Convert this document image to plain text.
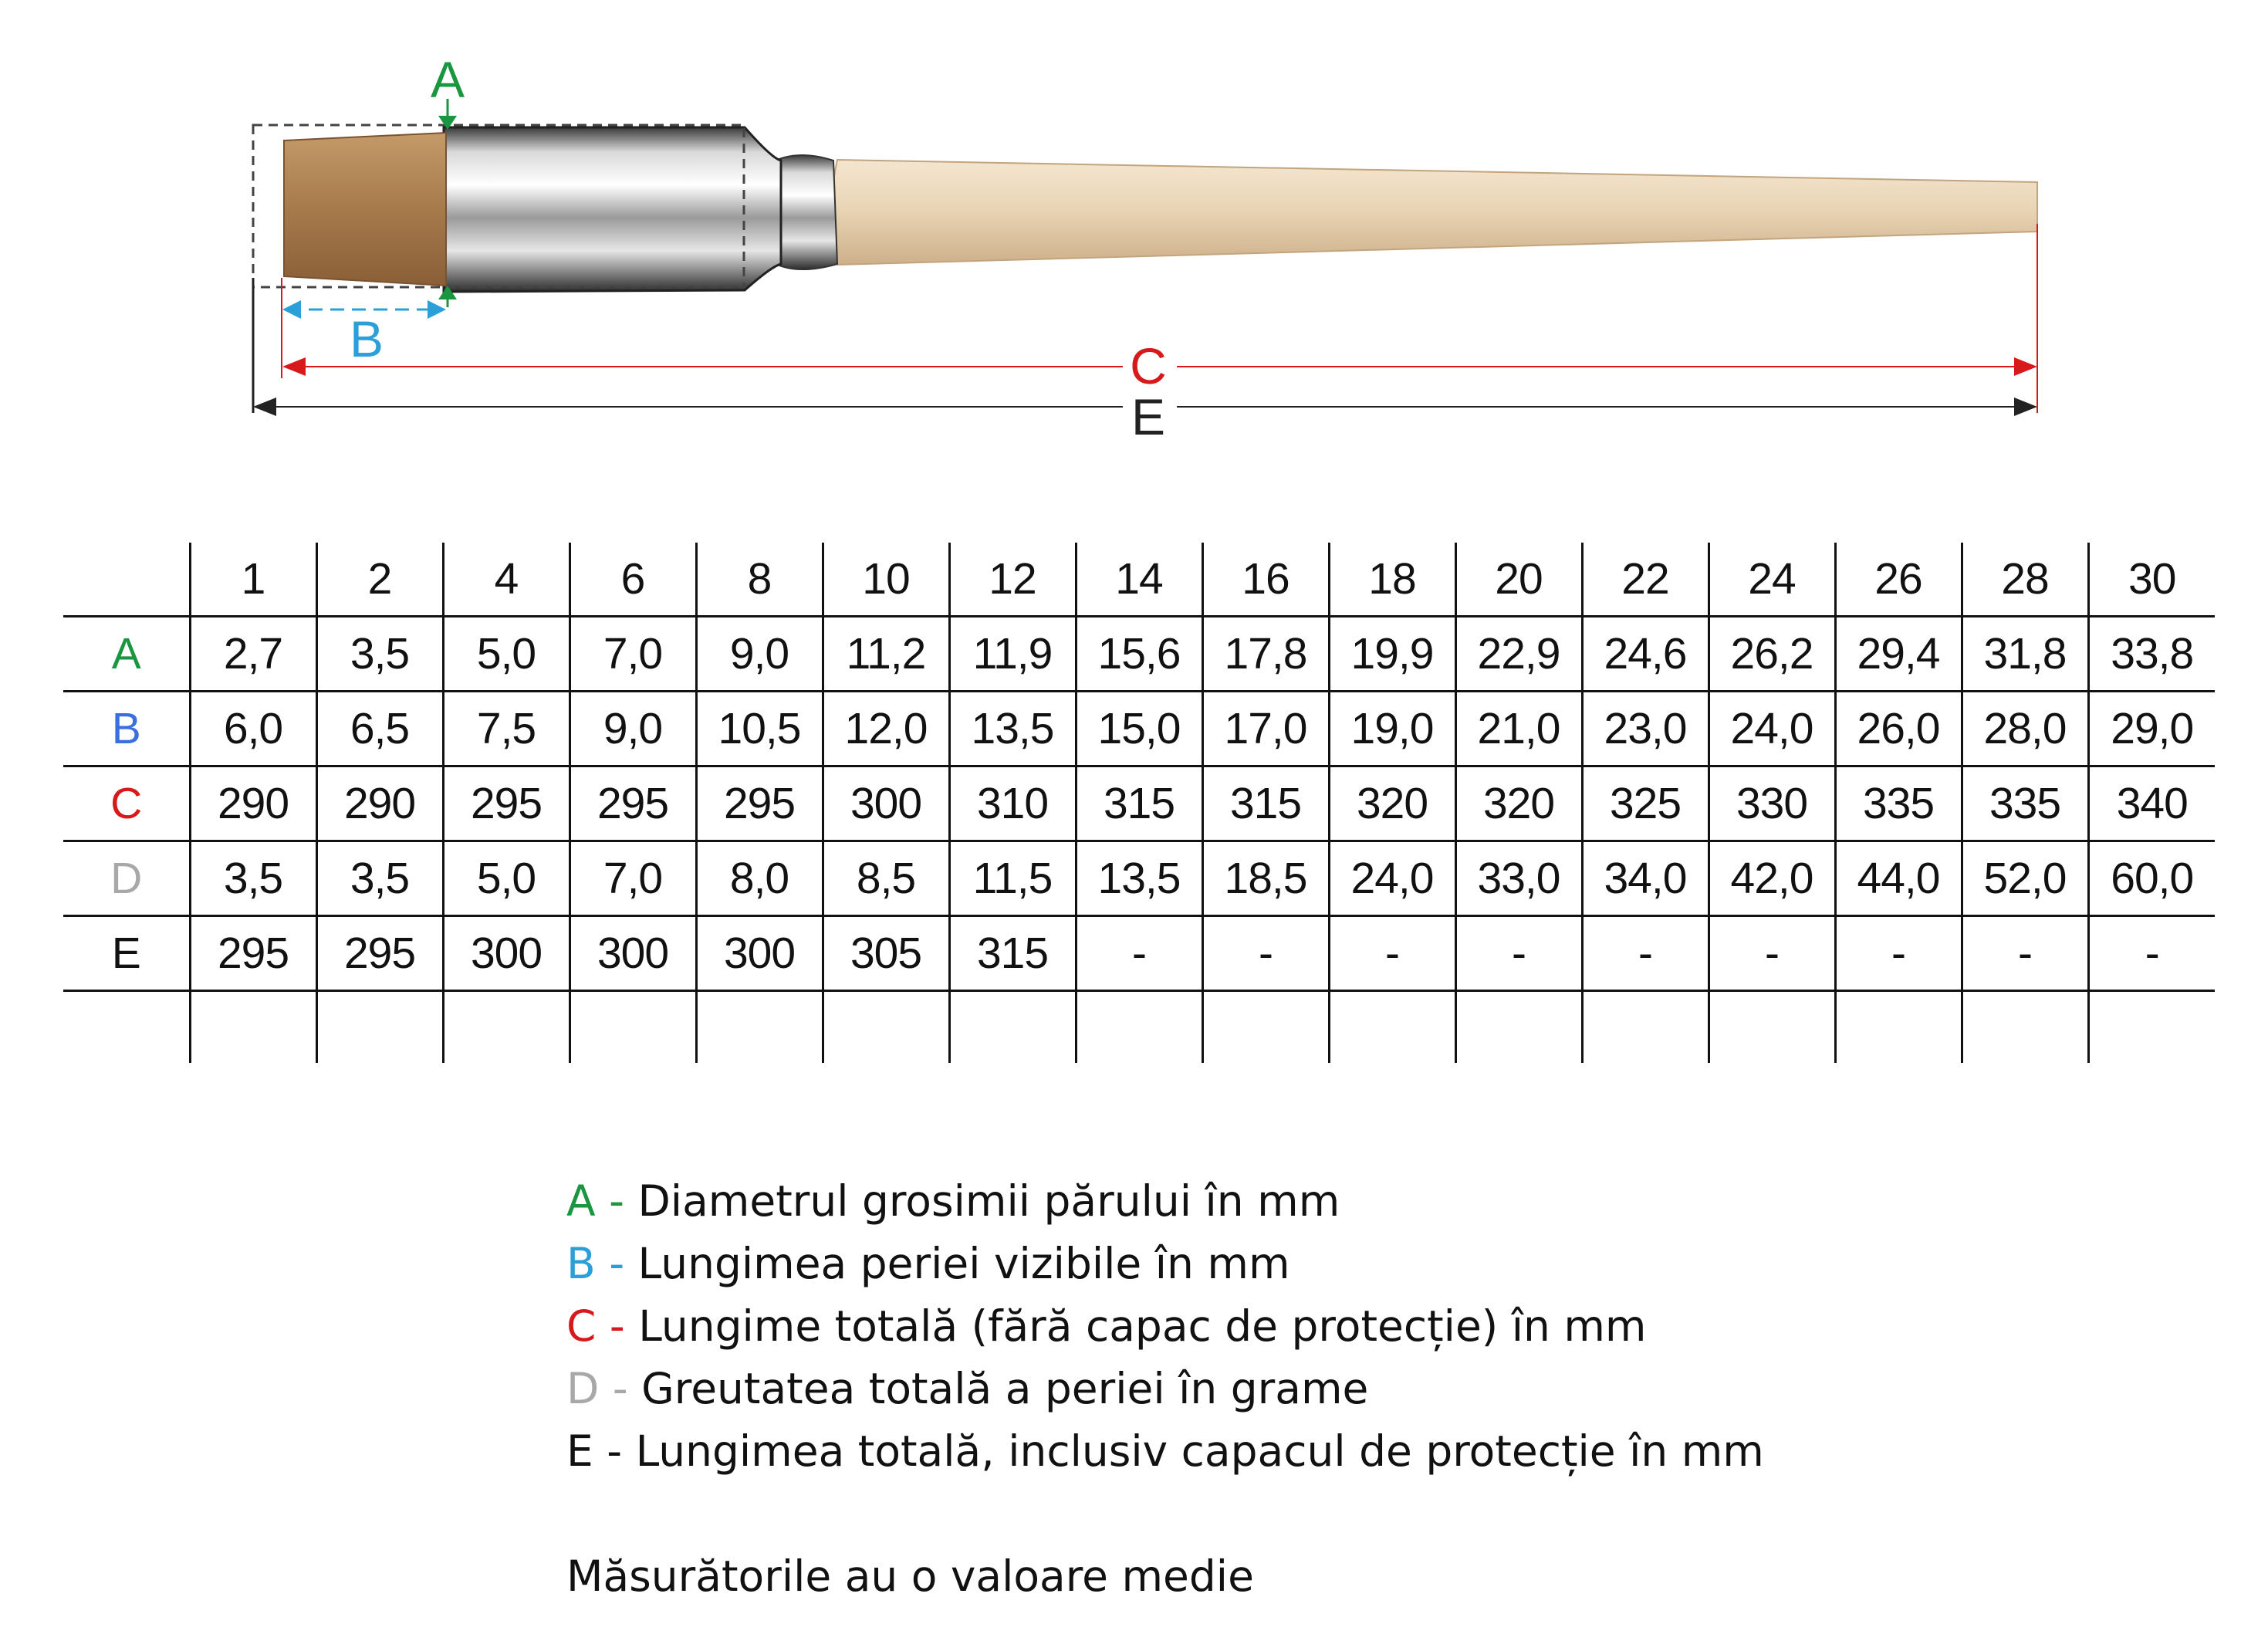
A
B	C
E
	1	2	4	6	8	10	12	14	16	18	20	22	24	26	28	30
A	2,7	3,5	5,0	7,0	9,0	11,2	11,9	15,6	17,8	19,9	22,9	24,6	26,2	29,4	31,8	33,8
B	6,0	6,5	7,5	9,0	10,5	12,0	13,5	15,0	17,0	19,0	21,0	23,0	24,0	26,0	28,0	29,0
C	290	290	295	295	295	300	310	315	315	320	320	325	330	335	335	340
D	3,5	3,5	5,0	7,0	8,0	8,5	11,5	13,5	18,5	24,0	33,0	34,0	42,0	44,0	52,0	60,0
E	295	295	300	300	300	305	315	-	-	-	-	-	-	-	-	-

A - Diametrul grosimii părului în mm
B - Lungimea periei vizibile în mm
C - Lungime totală (fără capac de protecție) în mm
D - Greutatea totală a periei în grame
E - Lungimea totală, inclusiv capacul de protecție în mm
Măsurătorile au o valoare medie
